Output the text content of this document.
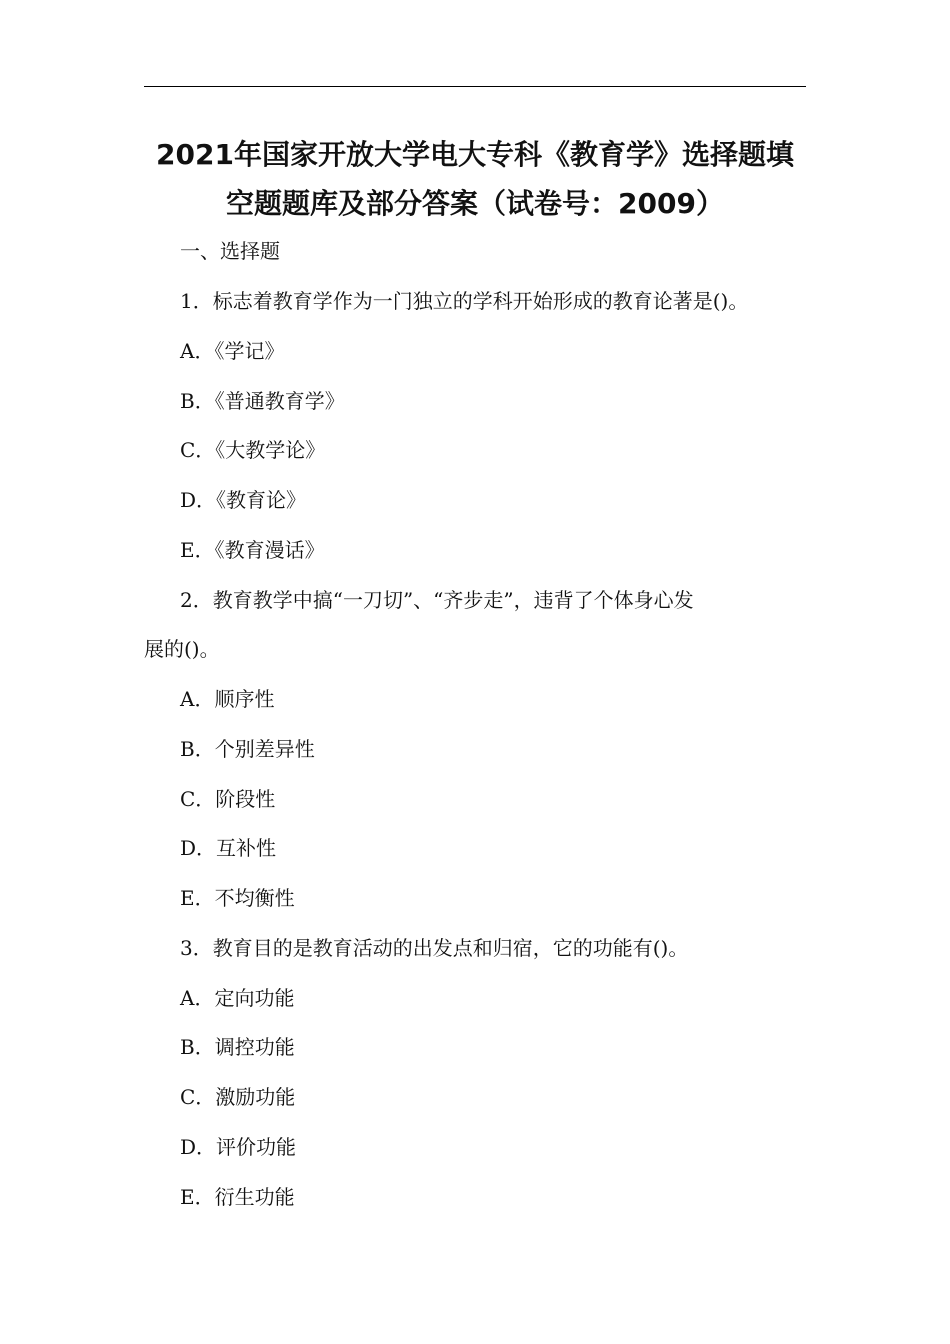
2021年国家开放大学电大专科《教育学》选择题填
空题题库及部分答案（试卷号：2009）
一、选择题
1．标志着教育学作为一门独立的学科开始形成的教育论著是()。
A．《学记》
B．《普通教育学》
C．《大教学论》
D．《教育论》
E．《教育漫话》
2．教育教学中搞“一刀切”、“齐步走”，违背了个体身心发
展的()。
A．顺序性
B．个别差异性
C．阶段性
D．互补性
E．不均衡性
3．教育目的是教育活动的出发点和归宿，它的功能有()。
A．定向功能
B．调控功能
C．激励功能
D．评价功能
E．衍生功能
